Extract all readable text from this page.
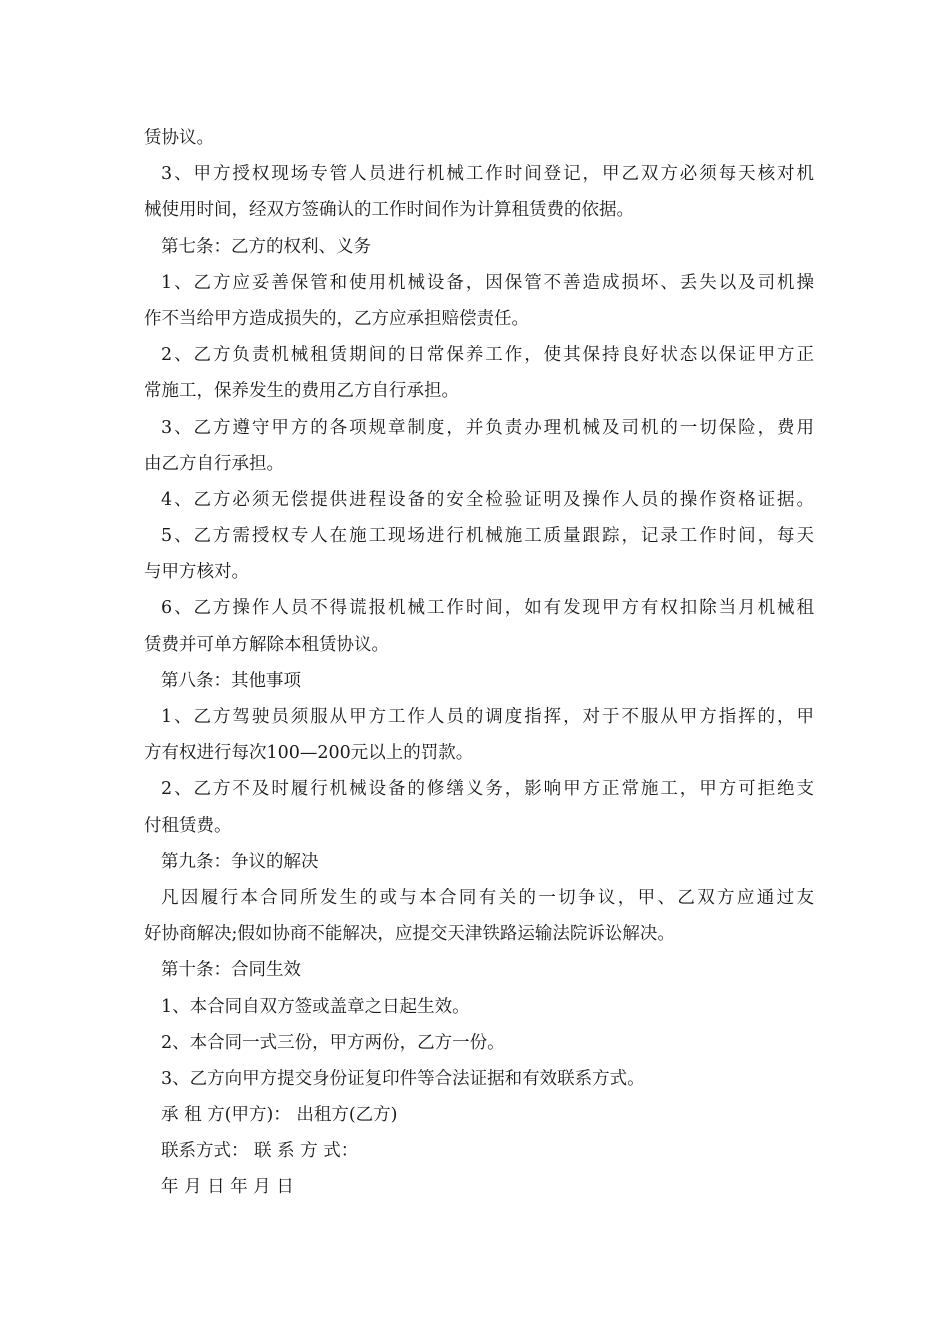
赁协议。
3、甲方授权现场专管人员进行机械工作时间登记，甲乙双方必须每天核对机
械使用时间，经双方签确认的工作时间作为计算租赁费的依据。
第七条：乙方的权利、义务
1、乙方应妥善保管和使用机械设备，因保管不善造成损坏、丢失以及司机操
作不当给甲方造成损失的，乙方应承担赔偿责任。
2、乙方负责机械租赁期间的日常保养工作，使其保持良好状态以保证甲方正
常施工，保养发生的费用乙方自行承担。
3、乙方遵守甲方的各项规章制度，并负责办理机械及司机的一切保险，费用
由乙方自行承担。
4、乙方必须无偿提供进程设备的安全检验证明及操作人员的操作资格证据。
5、乙方需授权专人在施工现场进行机械施工质量跟踪，记录工作时间，每天
与甲方核对。
6、乙方操作人员不得谎报机械工作时间，如有发现甲方有权扣除当月机械租
赁费并可单方解除本租赁协议。
第八条：其他事项
1、乙方驾驶员须服从甲方工作人员的调度指挥，对于不服从甲方指挥的，甲
方有权进行每次100—200元以上的罚款。
2、乙方不及时履行机械设备的修缮义务，影响甲方正常施工，甲方可拒绝支
付租赁费。
第九条：争议的解决
凡因履行本合同所发生的或与本合同有关的一切争议，甲、乙双方应通过友
好协商解决;假如协商不能解决，应提交天津铁路运输法院诉讼解决。
第十条：合同生效
1、本合同自双方签或盖章之日起生效。
2、本合同一式三份，甲方两份，乙方一份。
3、乙方向甲方提交身份证复印件等合法证据和有效联系方式。
承 租 方(甲方)： 出租方(乙方)
联系方式： 联 系 方 式：
年 月 日 年 月 日
